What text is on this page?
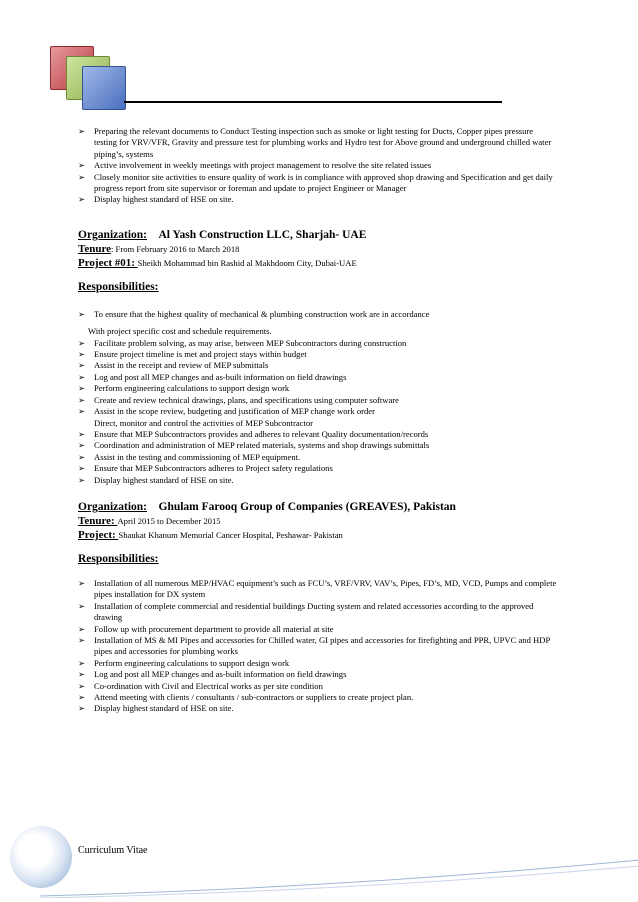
➢ Preparing the relevant documents to Conduct Testing inspection such as smoke or light testing for Ducts, Copper pipes pressure testing for VRV/VFR, Gravity and pressure test for plumbing works and Hydro test for Above ground and underground chilled water piping’s, systems
➢ Active involvement in weekly meetings with project management to resolve the site related issues
➢ Closely monitor site activities to ensure quality of work is in compliance with approved shop drawing and Specification and get daily progress report from site supervisor or foreman and update to project Engineer or Manager
➢ Display highest standard of HSE on site.
Organization: Al Yash Construction LLC, Sharjah- UAE
Tenure: From February 2016 to March 2018
Project #01: Sheikh Mohammad bin Rashid al Makhdoom City, Dubai-UAE
Responsibilities:
➢ To ensure that the highest quality of mechanical & plumbing construction work are in accordance
With project specific cost and schedule requirements.
➢ Facilitate problem solving, as may arise, between MEP Subcontractors during construction
➢ Ensure project timeline is met and project stays within budget
➢ Assist in the receipt and review of MEP submittals
➢ Log and post all MEP changes and as-built information on field drawings
➢ Perform engineering calculations to support design work
➢ Create and review technical drawings, plans, and specifications using computer software
➢ Assist in the scope review, budgeting and justification of MEP change work order
Direct, monitor and control the activities of MEP Subcontractor
➢ Ensure that MEP Subcontractors provides and adheres to relevant Quality documentation/records
➢ Coordination and administration of MEP related materials, systems and shop drawings submittals
➢ Assist in the testing and commissioning of MEP equipment.
➢ Ensure that MEP Subcontractors adheres to Project safety regulations
➢ Display highest standard of HSE on site.
Organization: Ghulam Farooq Group of Companies (GREAVES), Pakistan
Tenure: April 2015 to December 2015
Project: Shaukat Khanum Memorial Cancer Hospital, Peshawar- Pakistan
Responsibilities:
➢ Installation of all numerous MEP/HVAC equipment’s such as FCU’s, VRF/VRV, VAV’s, Pipes, FD’s, MD, VCD, Pumps and complete pipes installation for DX system
➢ Installation of complete commercial and residential buildings Ducting system and related accessories according to the approved drawing
➢ Follow up with procurement department to provide all material at site
➢ Installation of MS & MI Pipes and accessories for Chilled water, GI pipes and accessories for firefighting and PPR, UPVC and HDP pipes and accessories for plumbing works
➢ Perform engineering calculations to support design work
➢ Log and post all MEP changes and as-built information on field drawings
➢ Co-ordination with Civil and Electrical works as per site condition
➢ Attend meeting with clients / consultants / sub-contractors or suppliers to create project plan.
➢ Display highest standard of HSE on site.
Curriculum Vitae
